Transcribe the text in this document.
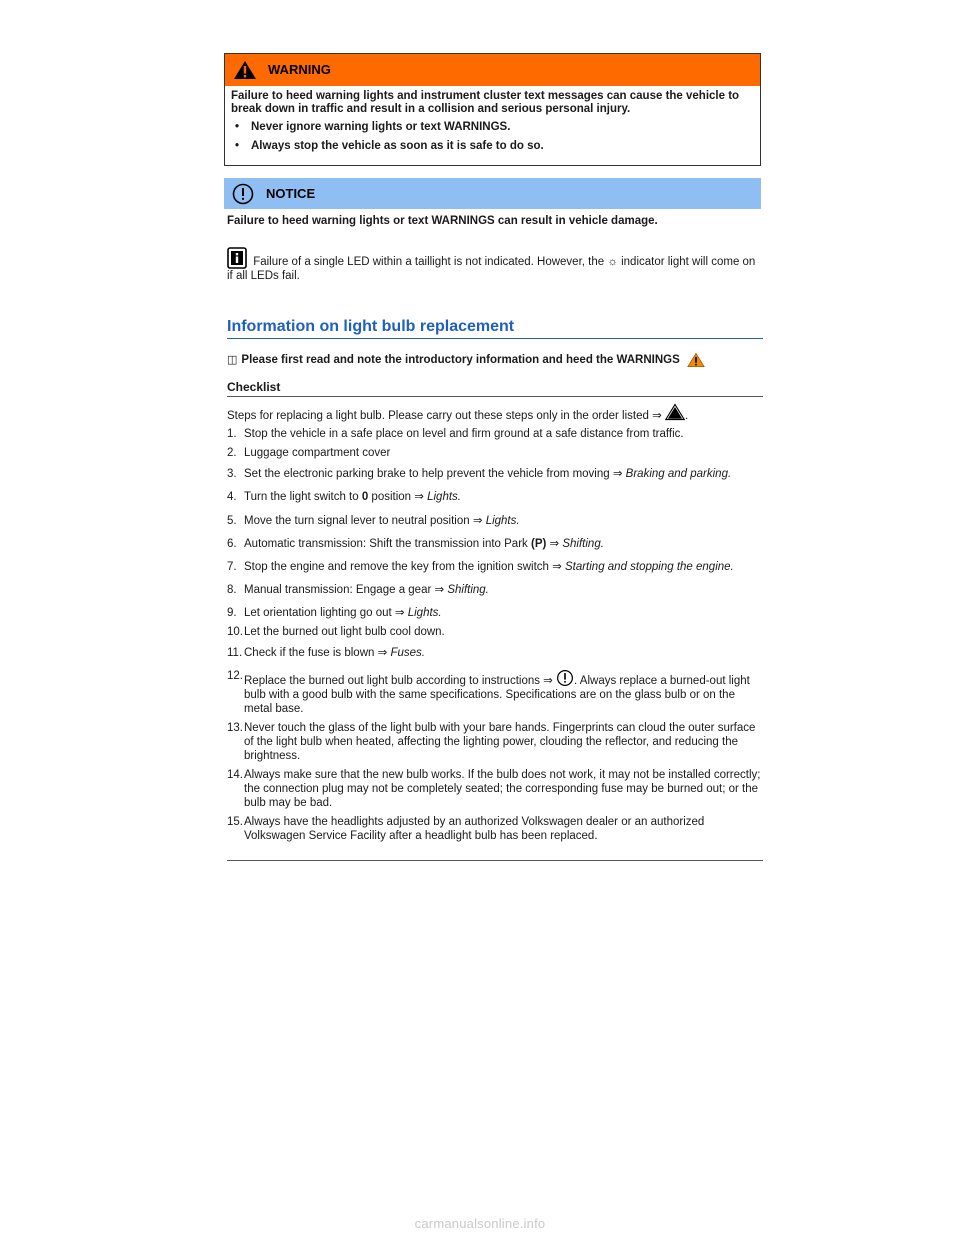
WARNING

Failure to heed warning lights and instrument cluster text messages can cause the vehicle to break down in traffic and result in a collision and serious personal injury.

• Never ignore warning lights or text WARNINGS.
• Always stop the vehicle as soon as it is safe to do so.
NOTICE
Failure to heed warning lights or text WARNINGS can result in vehicle damage.
Failure of a single LED within a taillight is not indicated. However, the ☼ indicator light will come on if all LEDs fail.
Information on light bulb replacement
◫ Please first read and note the introductory information and heed the WARNINGS
Checklist
Steps for replacing a light bulb. Please carry out these steps only in the order listed ⇒ .
1. Stop the vehicle in a safe place on level and firm ground at a safe distance from traffic.
2. Luggage compartment cover
3. Set the electronic parking brake to help prevent the vehicle from moving ⇒ Braking and parking.
4. Turn the light switch to 0 position ⇒ Lights.
5. Move the turn signal lever to neutral position ⇒ Lights.
6. Automatic transmission: Shift the transmission into Park (P) ⇒ Shifting.
7. Stop the engine and remove the key from the ignition switch ⇒ Starting and stopping the engine.
8. Manual transmission: Engage a gear ⇒ Shifting.
9. Let orientation lighting go out ⇒ Lights.
10. Let the burned out light bulb cool down.
11. Check if the fuse is blown ⇒ Fuses.
12. Replace the burned out light bulb according to instructions ⇒ . Always replace a burned-out light bulb with a good bulb with the same specifications. Specifications are on the glass bulb or on the metal base.
13. Never touch the glass of the light bulb with your bare hands. Fingerprints can cloud the outer surface of the light bulb when heated, affecting the lighting power, clouding the reflector, and reducing the brightness.
14. Always make sure that the new bulb works. If the bulb does not work, it may not be installed correctly; the connection plug may not be completely seated; the corresponding fuse may be burned out; or the bulb may be bad.
15. Always have the headlights adjusted by an authorized Volkswagen dealer or an authorized Volkswagen Service Facility after a headlight bulb has been replaced.
carmanualsonline.info
